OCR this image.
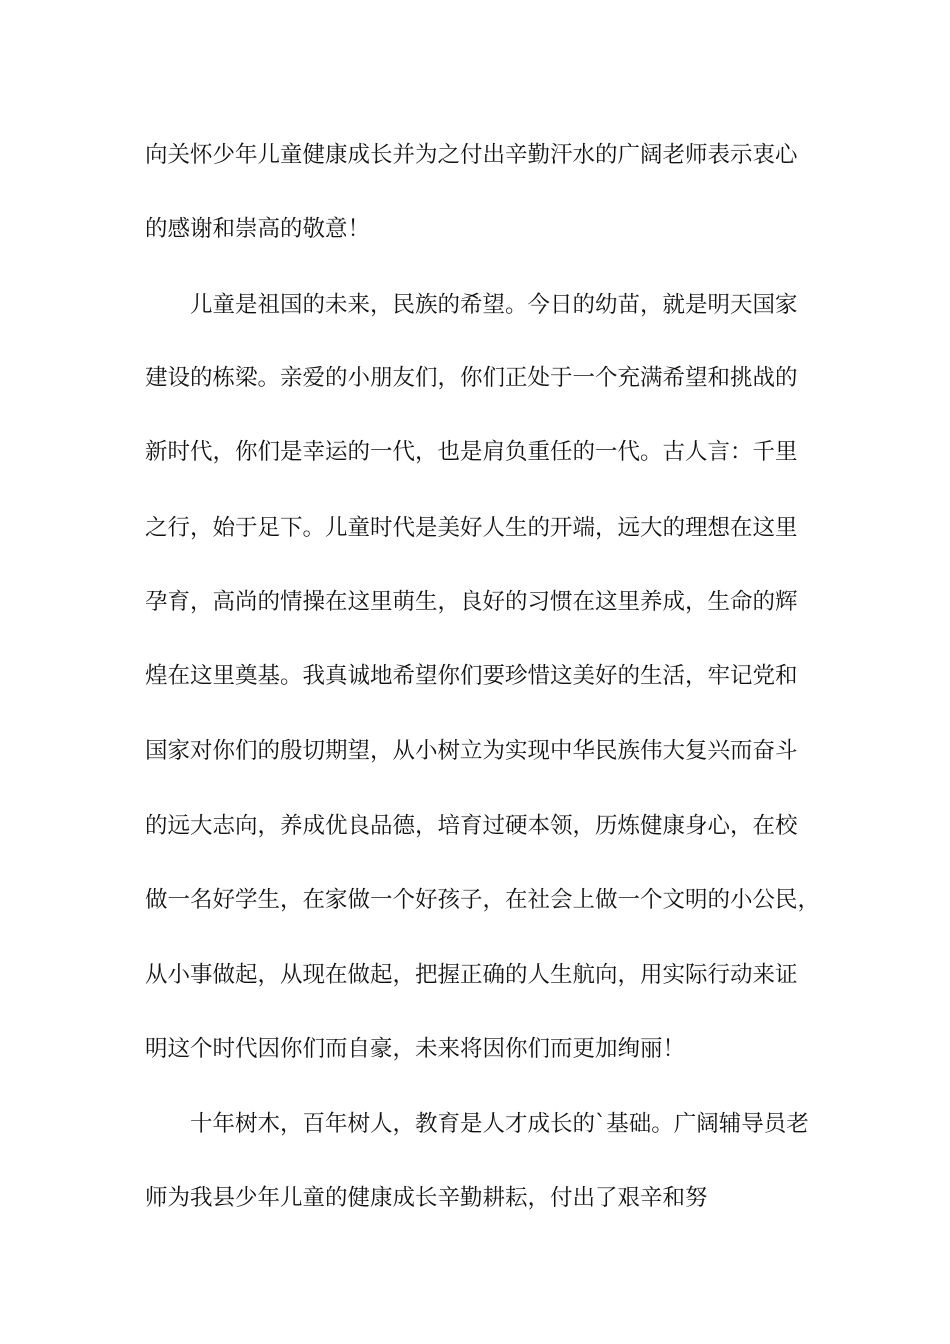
向关怀少年儿童健康成长并为之付出辛勤汗水的广阔老师表示衷心
的感谢和崇高的敬意！
儿童是祖国的未来，民族的希望。今日的幼苗，就是明天国家
建设的栋梁。亲爱的小朋友们，你们正处于一个充满希望和挑战的
新时代，你们是幸运的一代，也是肩负重任的一代。古人言：千里
之行，始于足下。儿童时代是美好人生的开端，远大的理想在这里
孕育，高尚的情操在这里萌生，良好的习惯在这里养成，生命的辉
煌在这里奠基。我真诚地希望你们要珍惜这美好的生活，牢记党和
国家对你们的殷切期望，从小树立为实现中华民族伟大复兴而奋斗
的远大志向，养成优良品德，培育过硬本领，历炼健康身心，在校
做一名好学生，在家做一个好孩子，在社会上做一个文明的小公民，
从小事做起，从现在做起，把握正确的人生航向，用实际行动来证
明这个时代因你们而自豪，未来将因你们而更加绚丽！
十年树木，百年树人，教育是人才成长的`基础。广阔辅导员老
师为我县少年儿童的健康成长辛勤耕耘，付出了艰辛和努
